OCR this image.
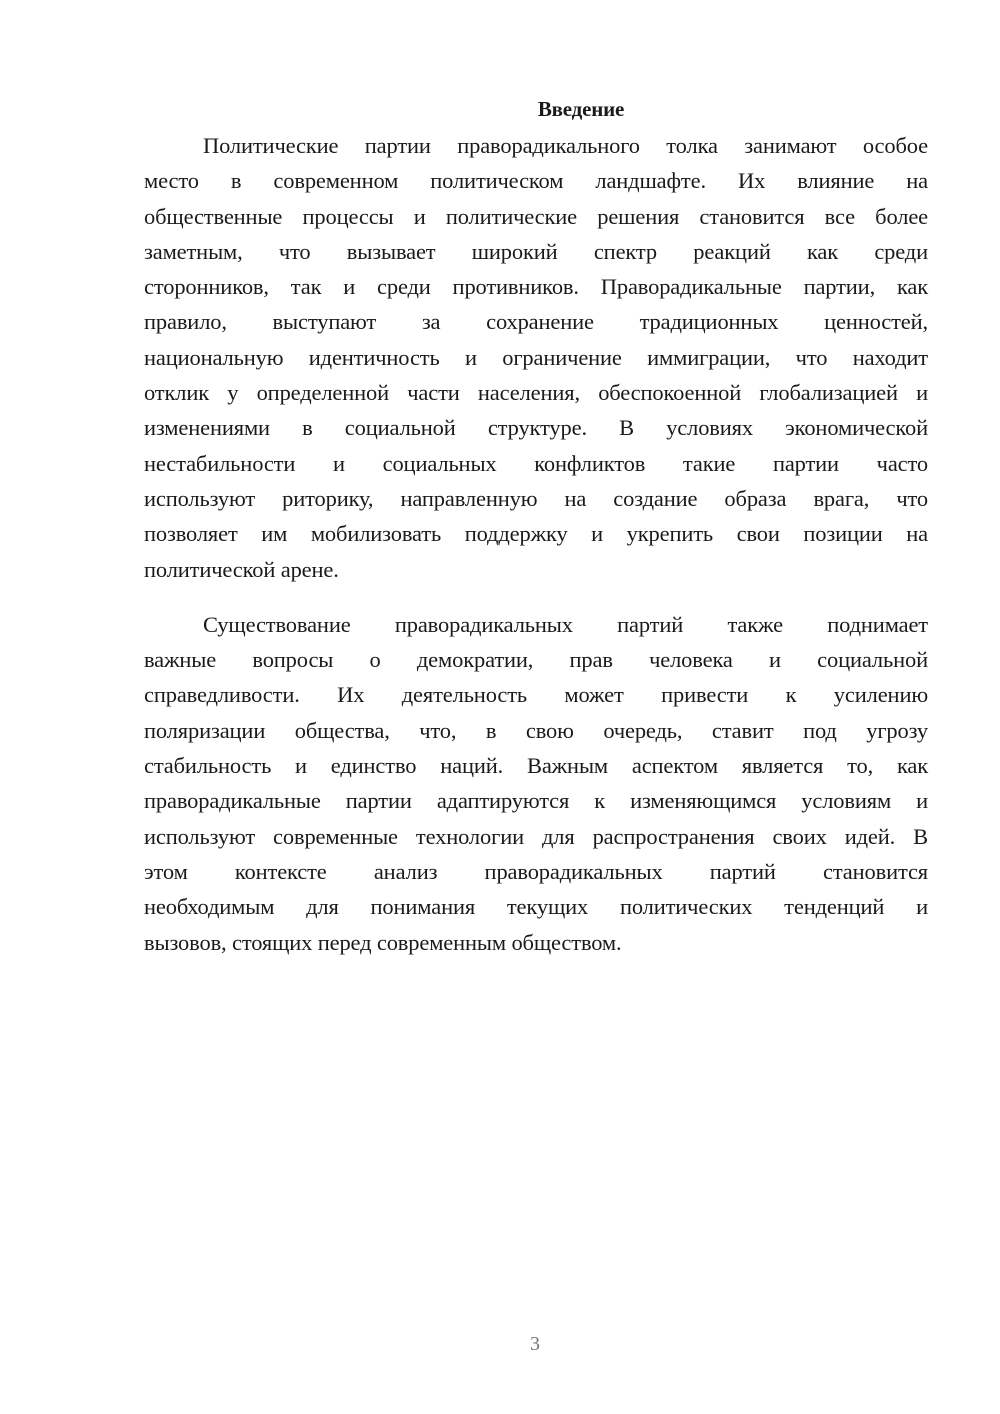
Введение
Политические партии праворадикального толка занимают особое
место в современном политическом ландшафте. Их влияние на
общественные процессы и политические решения становится все более
заметным, что вызывает широкий спектр реакций как среди
сторонников, так и среди противников. Праворадикальные партии, как
правило, выступают за сохранение традиционных ценностей,
национальную идентичность и ограничение иммиграции, что находит
отклик у определенной части населения, обеспокоенной глобализацией и
изменениями в социальной структуре. В условиях экономической
нестабильности и социальных конфликтов такие партии часто
используют риторику, направленную на создание образа врага, что
позволяет им мобилизовать поддержку и укрепить свои позиции на
политической арене.
Существование праворадикальных партий также поднимает
важные вопросы о демократии, прав человека и социальной
справедливости. Их деятельность может привести к усилению
поляризации общества, что, в свою очередь, ставит под угрозу
стабильность и единство наций. Важным аспектом является то, как
праворадикальные партии адаптируются к изменяющимся условиям и
используют современные технологии для распространения своих идей. В
этом контексте анализ праворадикальных партий становится
необходимым для понимания текущих политических тенденций и
вызовов, стоящих перед современным обществом.
3
